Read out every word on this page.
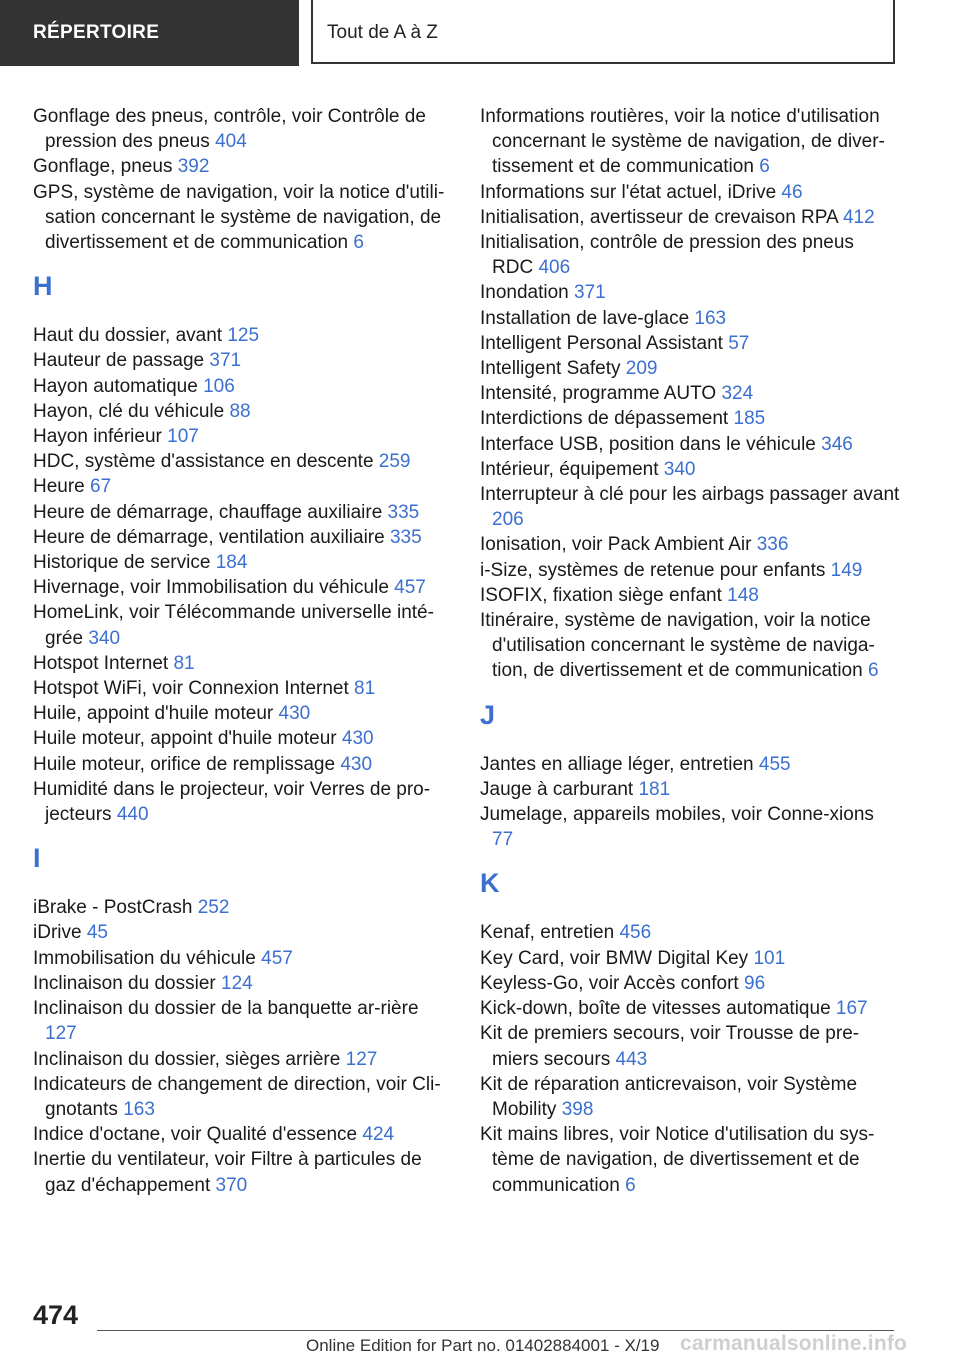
RÉPERTOIRE	Tout de A à Z

Gonflage des pneus, contrôle, voir Contrôle de pression des pneus 404

Gonflage, pneus 392

GPS, système de navigation, voir la notice d'utili‐sation concernant le système de navigation, de divertissement et de communication 6

H

Haut du dossier, avant 125

Hauteur de passage 371

Hayon automatique 106

Hayon, clé du véhicule 88

Hayon inférieur 107

HDC, système d'assistance en descente 259

Heure 67

Heure de démarrage, chauffage auxiliaire 335

Heure de démarrage, ventilation auxiliaire 335

Historique de service 184

Hivernage, voir Immobilisation du véhicule 457

HomeLink, voir Télécommande universelle inté‐grée 340

Hotspot Internet 81

Hotspot WiFi, voir Connexion Internet 81

Huile, appoint d'huile moteur 430

Huile moteur, appoint d'huile moteur 430

Huile moteur, orifice de remplissage 430

Humidité dans le projecteur, voir Verres de pro‐jecteurs 440

I

iBrake - PostCrash 252

iDrive 45

Immobilisation du véhicule 457

Inclinaison du dossier 124

Inclinaison du dossier de la banquette ar‐rière 127

Inclinaison du dossier, sièges arrière 127

Indicateurs de changement de direction, voir Cli‐gnotants 163

Indice d'octane, voir Qualité d'essence 424

Inertie du ventilateur, voir Filtre à particules de gaz d'échappement 370

Informations routières, voir la notice d'utilisation concernant le système de navigation, de diver‐tissement et de communication 6

Informations sur l'état actuel, iDrive 46

Initialisation, avertisseur de crevaison RPA 412

Initialisation, contrôle de pression des pneus RDC 406

Inondation 371

Installation de lave-glace 163

Intelligent Personal Assistant 57

Intelligent Safety 209

Intensité, programme AUTO 324

Interdictions de dépassement 185

Interface USB, position dans le véhicule 346

Intérieur, équipement 340

Interrupteur à clé pour les airbags passager avant 206

Ionisation, voir Pack Ambient Air 336

i-Size, systèmes de retenue pour enfants 149

ISOFIX, fixation siège enfant 148

Itinéraire, système de navigation, voir la notice d'utilisation concernant le système de naviga‐tion, de divertissement et de communication 6

J

Jantes en alliage léger, entretien 455

Jauge à carburant 181

Jumelage, appareils mobiles, voir Conne‐xions 77

K

Kenaf, entretien 456

Key Card, voir BMW Digital Key 101

Keyless-Go, voir Accès confort 96

Kick-down, boîte de vitesses automatique 167

Kit de premiers secours, voir Trousse de pre‐miers secours 443

Kit de réparation anticrevaison, voir Système Mobility 398

Kit mains libres, voir Notice d'utilisation du sys‐tème de navigation, de divertissement et de communication 6

474
carmanualsonline.info
Online Edition for Part no. 01402884001 - X/19
